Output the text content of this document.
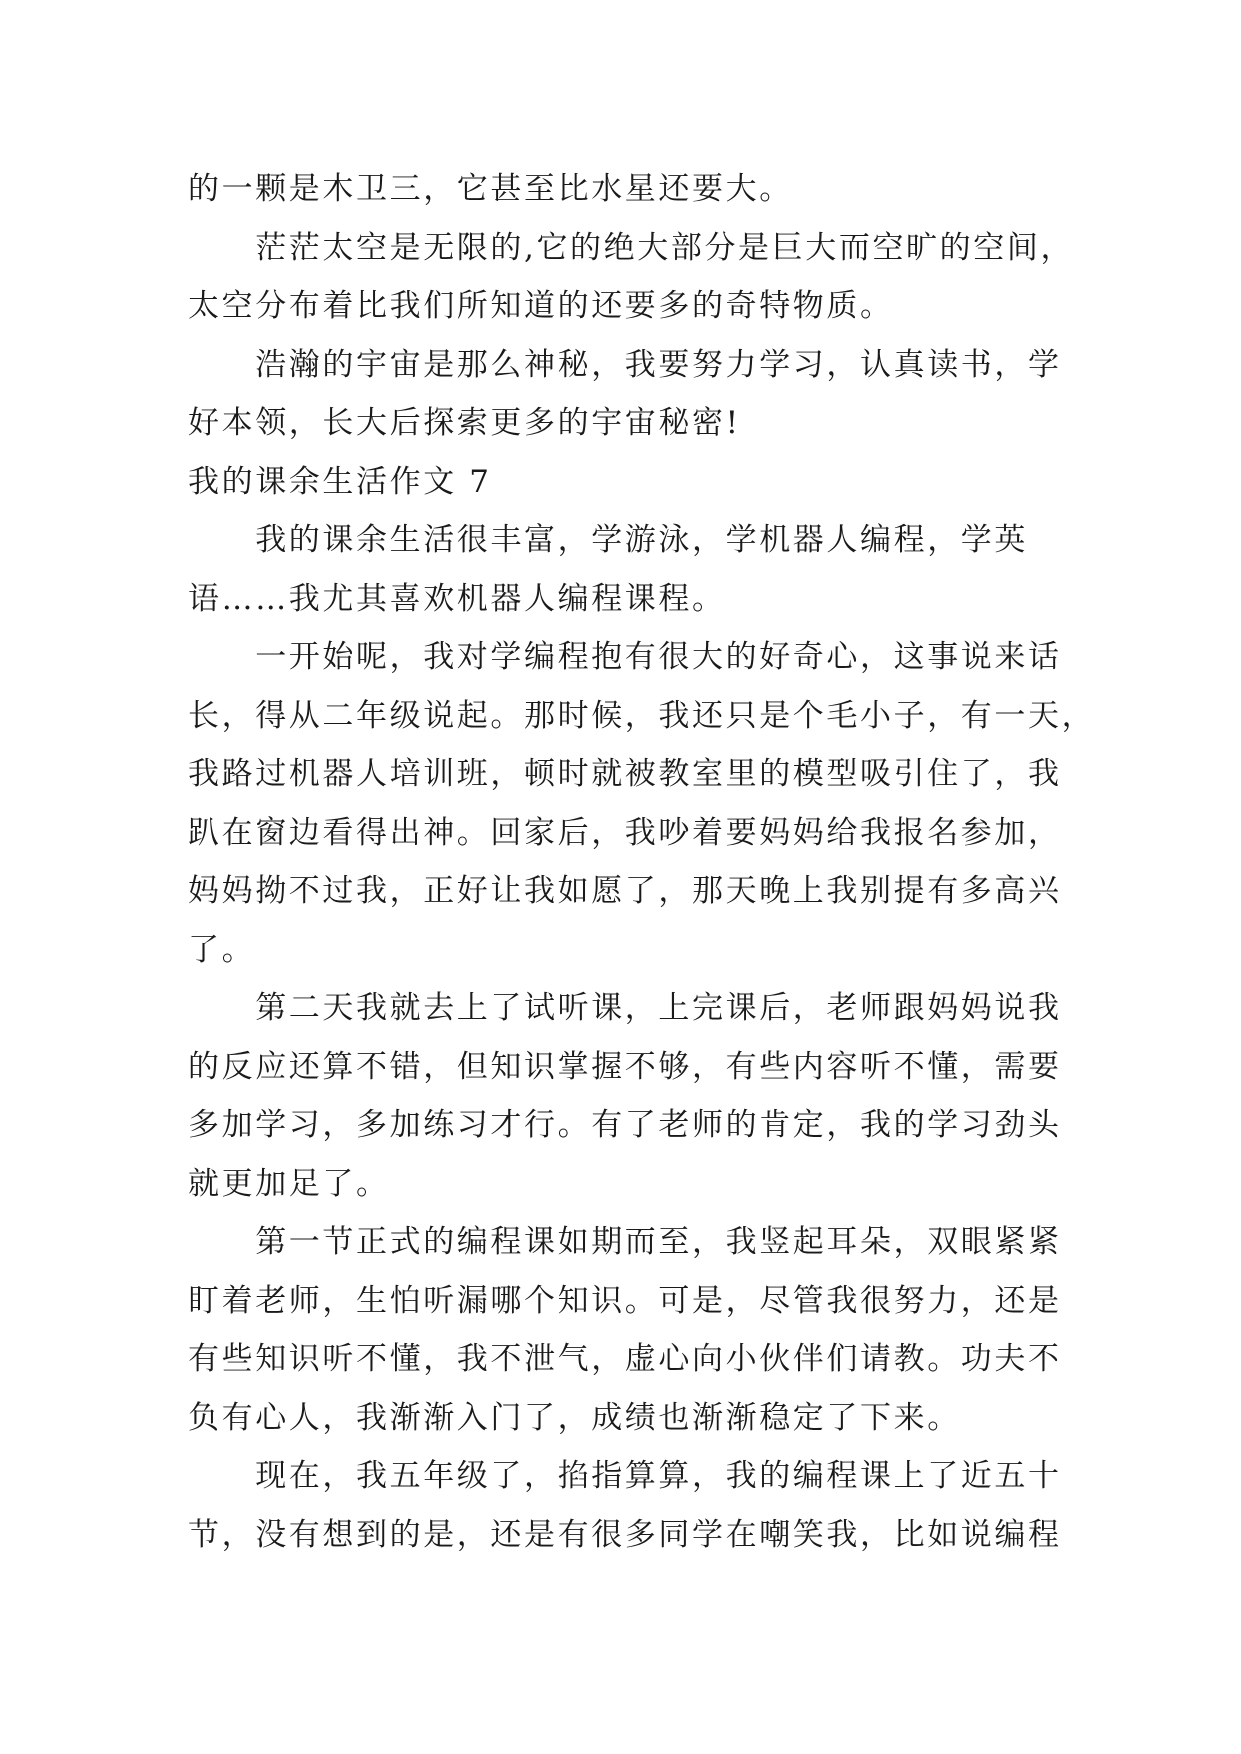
的一颗是木卫三，它甚至比水星还要大。
　　茫茫太空是无限的,它的绝大部分是巨大而空旷的空间，
太空分布着比我们所知道的还要多的奇特物质。
　　浩瀚的宇宙是那么神秘，我要努力学习，认真读书，学
好本领，长大后探索更多的宇宙秘密!
我的课余生活作文 7
　　我的课余生活很丰富，学游泳，学机器人编程，学英
语……我尤其喜欢机器人编程课程。
　　一开始呢，我对学编程抱有很大的好奇心，这事说来话
长，得从二年级说起。那时候，我还只是个毛小子，有一天，
我路过机器人培训班，顿时就被教室里的模型吸引住了，我
趴在窗边看得出神。回家后，我吵着要妈妈给我报名参加，
妈妈拗不过我，正好让我如愿了，那天晚上我别提有多高兴
了。
　　第二天我就去上了试听课，上完课后，老师跟妈妈说我
的反应还算不错，但知识掌握不够，有些内容听不懂，需要
多加学习，多加练习才行。有了老师的肯定，我的学习劲头
就更加足了。
　　第一节正式的编程课如期而至，我竖起耳朵，双眼紧紧
盯着老师，生怕听漏哪个知识。可是，尽管我很努力，还是
有些知识听不懂，我不泄气，虚心向小伙伴们请教。功夫不
负有心人，我渐渐入门了，成绩也渐渐稳定了下来。
　　现在，我五年级了，掐指算算，我的编程课上了近五十
节，没有想到的是，还是有很多同学在嘲笑我，比如说编程
